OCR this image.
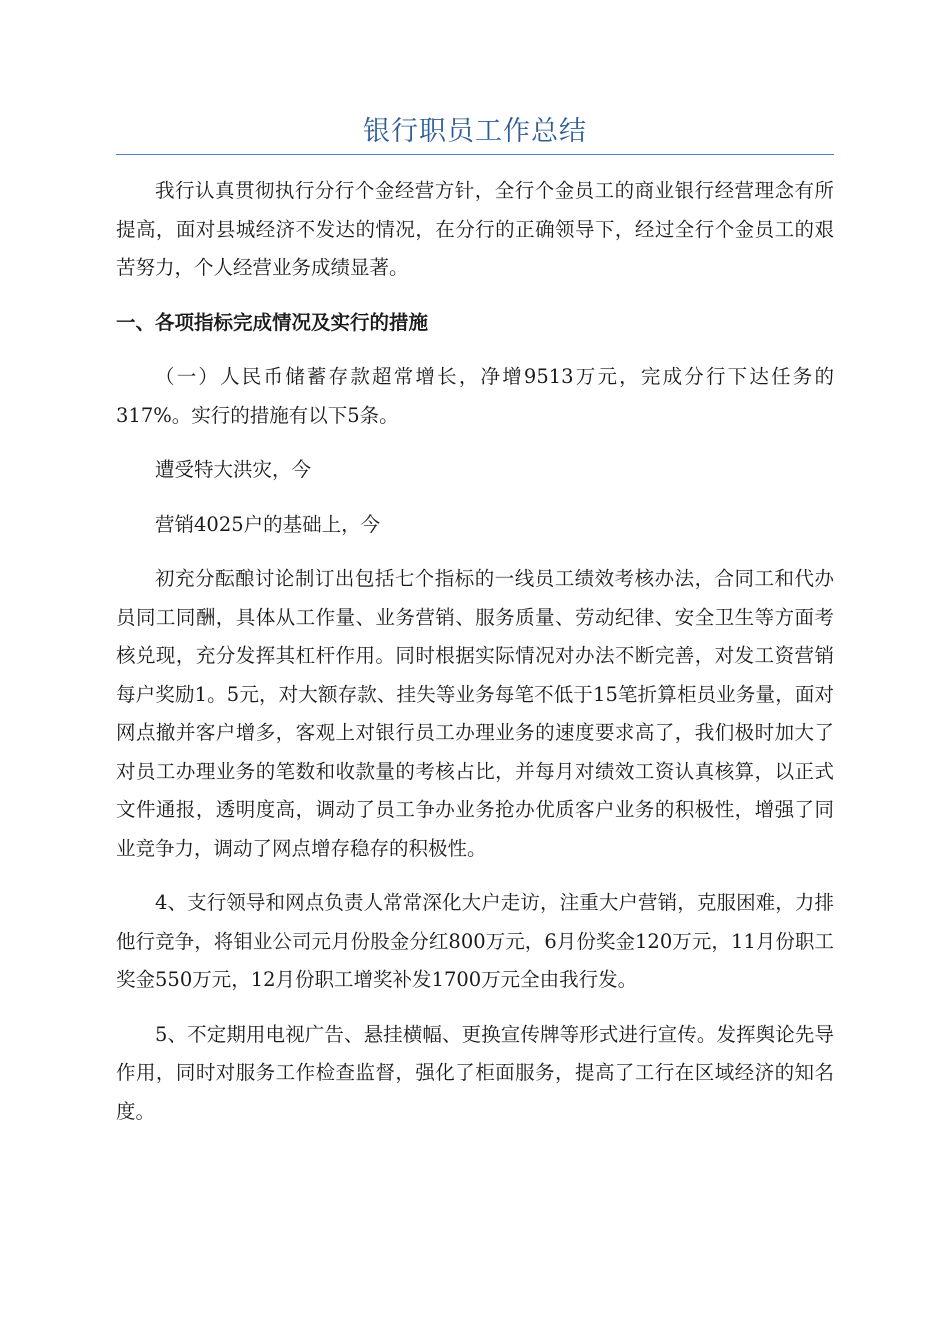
银行职员工作总结

我行认真贯彻执行分行个金经营方针，全行个金员工的商业银行经营理念有所提高，面对县城经济不发达的情况，在分行的正确领导下，经过全行个金员工的艰苦努力，个人经营业务成绩显著。

一、各项指标完成情况及实行的措施

（一）人民币储蓄存款超常增长，净增9513万元，完成分行下达任务的317%。实行的措施有以下5条。

遭受特大洪灾，今

营销4025户的基础上，今

初充分酝酿讨论制订出包括七个指标的一线员工绩效考核办法，合同工和代办员同工同酬，具体从工作量、业务营销、服务质量、劳动纪律、安全卫生等方面考核兑现，充分发挥其杠杆作用。同时根据实际情况对办法不断完善，对发工资营销每户奖励1。5元，对大额存款、挂失等业务每笔不低于15笔折算柜员业务量，面对网点撤并客户增多，客观上对银行员工办理业务的速度要求高了，我们极时加大了对员工办理业务的笔数和收款量的考核占比，并每月对绩效工资认真核算，以正式文件通报，透明度高，调动了员工争办业务抢办优质客户业务的积极性，增强了同业竞争力，调动了网点增存稳存的积极性。

4、支行领导和网点负责人常常深化大户走访，注重大户营销，克服困难，力排他行竞争，将钼业公司元月份股金分红800万元，6月份奖金120万元，11月份职工奖金550万元，12月份职工增奖补发1700万元全由我行发。

5、不定期用电视广告、悬挂横幅、更换宣传牌等形式进行宣传。发挥舆论先导作用，同时对服务工作检查监督，强化了柜面服务，提高了工行在区域经济的知名度。
